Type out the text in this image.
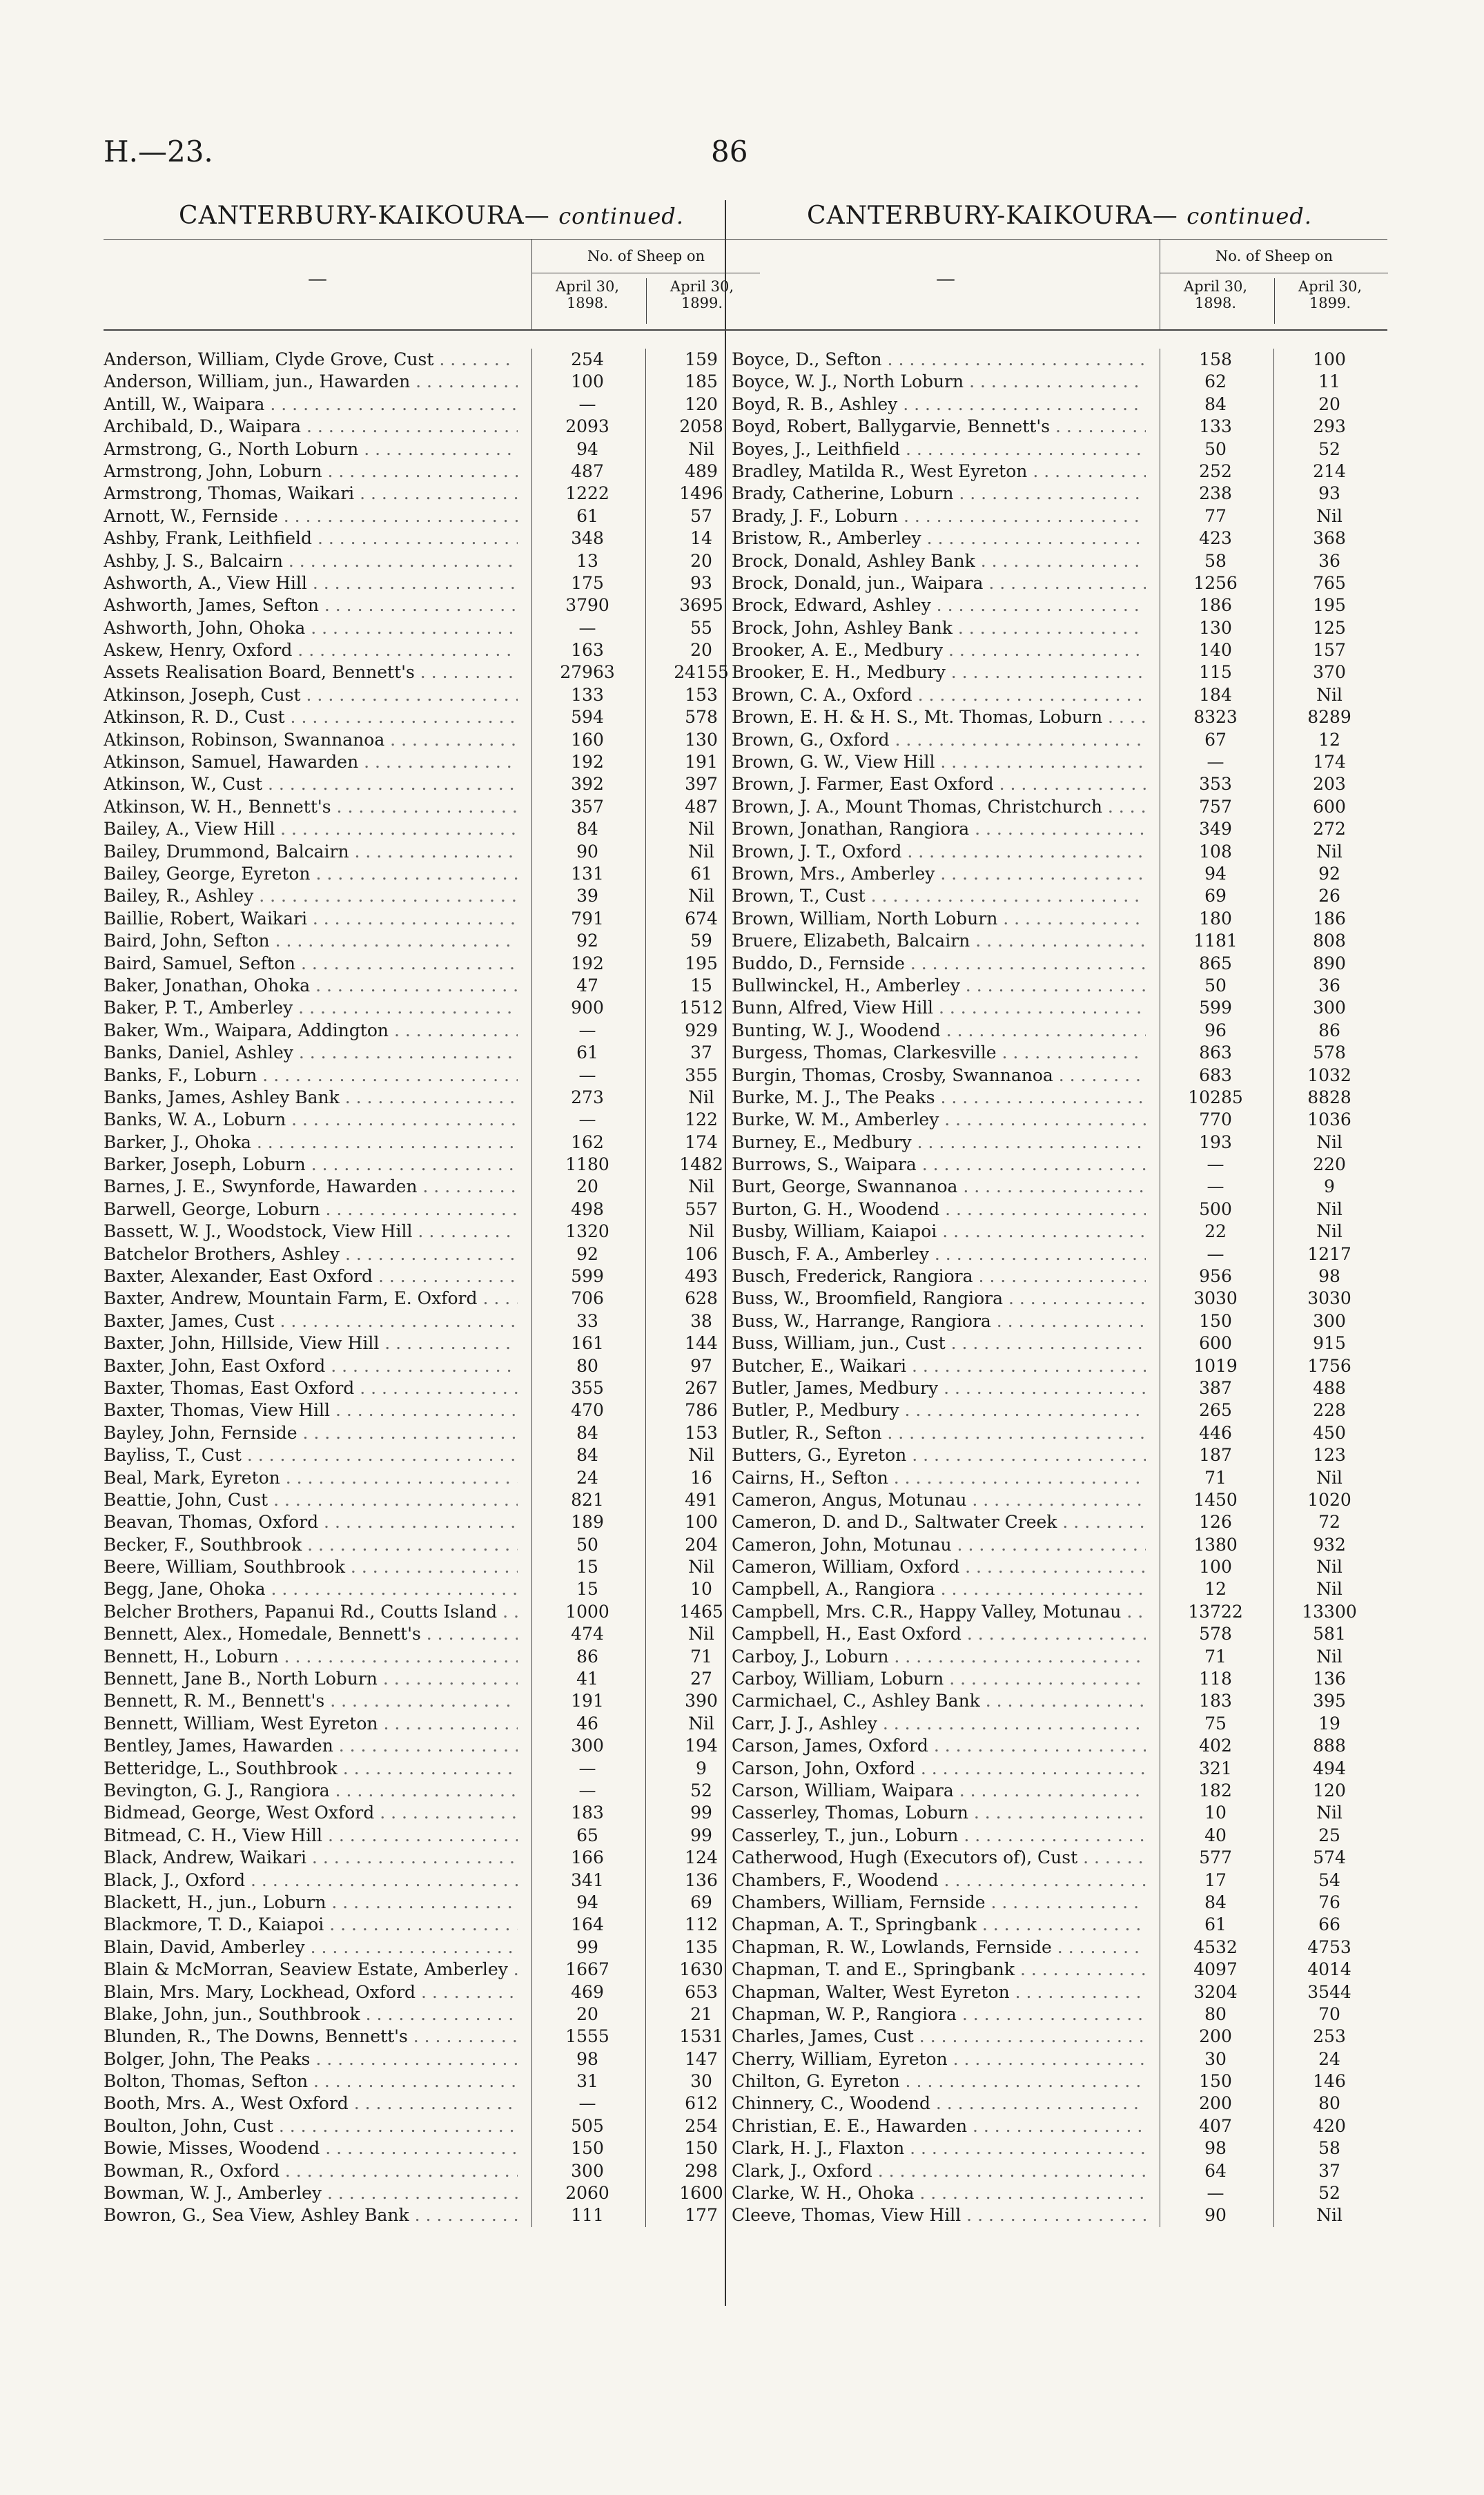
H.—23.	86
CANTERBURY-KAIKOURA— continued.
—
No. of Sheep on
April 30,
1898.
April 30,
1899.
Anderson, William, Clyde Grove, Cust . . .	254	159
Anderson, William, jun., Hawarden . . .	100	185
Antill, W., Waipara . . .	—	120
Archibald, D., Waipara . . .	2093	2058
Armstrong, G., North Loburn . . .	94	Nil
Armstrong, John, Loburn . . .	487	489
Armstrong, Thomas, Waikari . . .	1222	1496
Arnott, W., Fernside . . .	61	57
Ashby, Frank, Leithfield . . .	348	14
Ashby, J. S., Balcairn . . .	13	20
Ashworth, A., View Hill . . .	175	93
Ashworth, James, Sefton . . .	3790	3695
Ashworth, John, Ohoka . . .	—	55
Askew, Henry, Oxford . . .	163	20
Assets Realisation Board, Bennett's . . .	27963	24155
Atkinson, Joseph, Cust . . .	133	153
Atkinson, R. D., Cust . . .	594	578
Atkinson, Robinson, Swannanoa . . .	160	130
Atkinson, Samuel, Hawarden . . .	192	191
Atkinson, W., Cust . . .	392	397
Atkinson, W. H., Bennett's . . .	357	487
Bailey, A., View Hill . . .	84	Nil
Bailey, Drummond, Balcairn . . .	90	Nil
Bailey, George, Eyreton . . .	131	61
Bailey, R., Ashley . . .	39	Nil
Baillie, Robert, Waikari . . .	791	674
Baird, John, Sefton . . .	92	59
Baird, Samuel, Sefton . . .	192	195
Baker, Jonathan, Ohoka . . .	47	15
Baker, P. T., Amberley . . .	900	1512
Baker, Wm., Waipara, Addington . . .	—	929
Banks, Daniel, Ashley . . .	61	37
Banks, F., Loburn . . .	—	355
Banks, James, Ashley Bank . . .	273	Nil
Banks, W. A., Loburn . . .	—	122
Barker, J., Ohoka . . .	162	174
Barker, Joseph, Loburn . . .	1180	1482
Barnes, J. E., Swynforde, Hawarden . . .	20	Nil
Barwell, George, Loburn . . .	498	557
Bassett, W. J., Woodstock, View Hill . . .	1320	Nil
Batchelor Brothers, Ashley . . .	92	106
Baxter, Alexander, East Oxford . . .	599	493
Baxter, Andrew, Mountain Farm, E. Oxford . . .	706	628
Baxter, James, Cust . . .	33	38
Baxter, John, Hillside, View Hill . . .	161	144
Baxter, John, East Oxford . . .	80	97
Baxter, Thomas, East Oxford . . .	355	267
Baxter, Thomas, View Hill . . .	470	786
Bayley, John, Fernside . . .	84	153
Bayliss, T., Cust . . .	84	Nil
Beal, Mark, Eyreton . . .	24	16
Beattie, John, Cust . . .	821	491
Beavan, Thomas, Oxford . . .	189	100
Becker, F., Southbrook . . .	50	204
Beere, William, Southbrook . . .	15	Nil
Begg, Jane, Ohoka . . .	15	10
Belcher Brothers, Papanui Rd., Coutts Island . . .	1000	1465
Bennett, Alex., Homedale, Bennett's . . .	474	Nil
Bennett, H., Loburn . . .	86	71
Bennett, Jane B., North Loburn . . .	41	27
Bennett, R. M., Bennett's . . .	191	390
Bennett, William, West Eyreton . . .	46	Nil
Bentley, James, Hawarden . . .	300	194
Betteridge, L., Southbrook . . .	—	9
Bevington, G. J., Rangiora . . .	—	52
Bidmead, George, West Oxford . . .	183	99
Bitmead, C. H., View Hill . . .	65	99
Black, Andrew, Waikari . . .	166	124
Black, J., Oxford . . .	341	136
Blackett, H., jun., Loburn . . .	94	69
Blackmore, T. D., Kaiapoi . . .	164	112
Blain, David, Amberley . . .	99	135
Blain & McMorran, Seaview Estate, Amberley . . .	1667	1630
Blain, Mrs. Mary, Lockhead, Oxford . . .	469	653
Blake, John, jun., Southbrook . . .	20	21
Blunden, R., The Downs, Bennett's . . .	1555	1531
Bolger, John, The Peaks . . .	98	147
Bolton, Thomas, Sefton . . .	31	30
Booth, Mrs. A., West Oxford . . .	—	612
Boulton, John, Cust . . .	505	254
Bowie, Misses, Woodend . . .	150	150
Bowman, R., Oxford . . .	300	298
Bowman, W. J., Amberley . . .	2060	1600
Bowron, G., Sea View, Ashley Bank . . .	111	177
CANTERBURY-KAIKOURA— continued.
—
No. of Sheep on
April 30,
1898.
April 30,
1899.
Boyce, D., Sefton . . .	158	100
Boyce, W. J., North Loburn . . .	62	11
Boyd, R. B., Ashley . . .	84	20
Boyd, Robert, Ballygarvie, Bennett's . . .	133	293
Boyes, J., Leithfield . . .	50	52
Bradley, Matilda R., West Eyreton . . .	252	214
Brady, Catherine, Loburn . . .	238	93
Brady, J. F., Loburn . . .	77	Nil
Bristow, R., Amberley . . .	423	368
Brock, Donald, Ashley Bank . . .	58	36
Brock, Donald, jun., Waipara . . .	1256	765
Brock, Edward, Ashley . . .	186	195
Brock, John, Ashley Bank . . .	130	125
Brooker, A. E., Medbury . . .	140	157
Brooker, E. H., Medbury . . .	115	370
Brown, C. A., Oxford . . .	184	Nil
Brown, E. H. & H. S., Mt. Thomas, Loburn . . .	8323	8289
Brown, G., Oxford . . .	67	12
Brown, G. W., View Hill . . .	—	174
Brown, J. Farmer, East Oxford . . .	353	203
Brown, J. A., Mount Thomas, Christchurch . . .	757	600
Brown, Jonathan, Rangiora . . .	349	272
Brown, J. T., Oxford . . .	108	Nil
Brown, Mrs., Amberley . . .	94	92
Brown, T., Cust . . .	69	26
Brown, William, North Loburn . . .	180	186
Bruere, Elizabeth, Balcairn . . .	1181	808
Buddo, D., Fernside . . .	865	890
Bullwinckel, H., Amberley . . .	50	36
Bunn, Alfred, View Hill . . .	599	300
Bunting, W. J., Woodend . . .	96	86
Burgess, Thomas, Clarkesville . . .	863	578
Burgin, Thomas, Crosby, Swannanoa . . .	683	1032
Burke, M. J., The Peaks . . .	10285	8828
Burke, W. M., Amberley . . .	770	1036
Burney, E., Medbury . . .	193	Nil
Burrows, S., Waipara . . .	—	220
Burt, George, Swannanoa . . .	—	9
Burton, G. H., Woodend . . .	500	Nil
Busby, William, Kaiapoi . . .	22	Nil
Busch, F. A., Amberley . . .	—	1217
Busch, Frederick, Rangiora . . .	956	98
Buss, W., Broomfield, Rangiora . . .	3030	3030
Buss, W., Harrange, Rangiora . . .	150	300
Buss, William, jun., Cust . . .	600	915
Butcher, E., Waikari . . .	1019	1756
Butler, James, Medbury . . .	387	488
Butler, P., Medbury . . .	265	228
Butler, R., Sefton . . .	446	450
Butters, G., Eyreton . . .	187	123
Cairns, H., Sefton . . .	71	Nil
Cameron, Angus, Motunau . . .	1450	1020
Cameron, D. and D., Saltwater Creek . . .	126	72
Cameron, John, Motunau . . .	1380	932
Cameron, William, Oxford . . .	100	Nil
Campbell, A., Rangiora . . .	12	Nil
Campbell, Mrs. C.R., Happy Valley, Motunau . . .	13722	13300
Campbell, H., East Oxford . . .	578	581
Carboy, J., Loburn . . .	71	Nil
Carboy, William, Loburn . . .	118	136
Carmichael, C., Ashley Bank . . .	183	395
Carr, J. J., Ashley . . .	75	19
Carson, James, Oxford . . .	402	888
Carson, John, Oxford . . .	321	494
Carson, William, Waipara . . .	182	120
Casserley, Thomas, Loburn . . .	10	Nil
Casserley, T., jun., Loburn . . .	40	25
Catherwood, Hugh (Executors of), Cust . . .	577	574
Chambers, F., Woodend . . .	17	54
Chambers, William, Fernside . . .	84	76
Chapman, A. T., Springbank . . .	61	66
Chapman, R. W., Lowlands, Fernside . . .	4532	4753
Chapman, T. and E., Springbank . . .	4097	4014
Chapman, Walter, West Eyreton . . .	3204	3544
Chapman, W. P., Rangiora . . .	80	70
Charles, James, Cust . . .	200	253
Cherry, William, Eyreton . . .	30	24
Chilton, G. Eyreton . . .	150	146
Chinnery, C., Woodend . . .	200	80
Christian, E. E., Hawarden . . .	407	420
Clark, H. J., Flaxton . . .	98	58
Clark, J., Oxford . . .	64	37
Clarke, W. H., Ohoka . . .	—	52
Cleeve, Thomas, View Hill . . .	90	Nil
